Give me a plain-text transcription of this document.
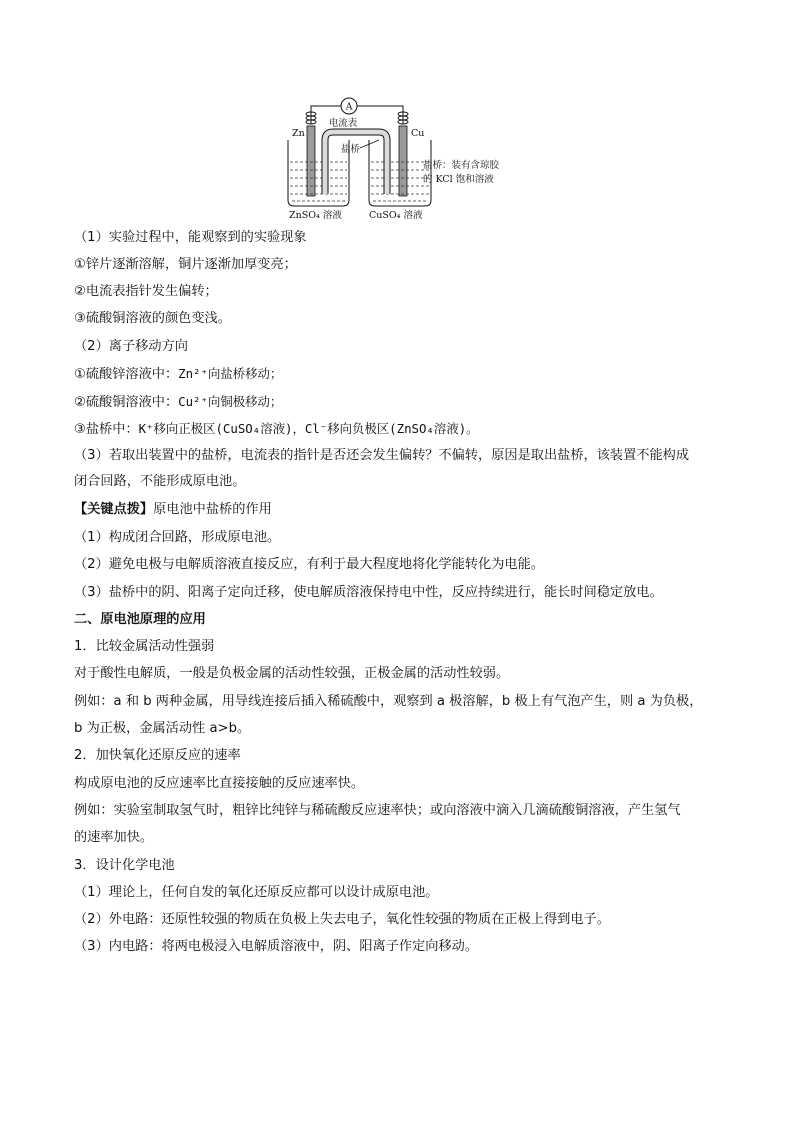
A
电流表
Zn	Cu
盐桥
盐桥：装有含琼胶
的 KCl 饱和溶液
ZnSO₄ 溶液	CuSO₄ 溶液
（1）实验过程中，能观察到的实验现象
①锌片逐渐溶解，铜片逐渐加厚变亮；
②电流表指针发生偏转；
③硫酸铜溶液的颜色变浅。
（2）离子移动方向
①硫酸锌溶液中：Zn²⁺向盐桥移动；
②硫酸铜溶液中：Cu²⁺向铜极移动；
③盐桥中：K⁺移向正极区(CuSO₄溶液)，Cl⁻移向负极区(ZnSO₄溶液)。
（3）若取出装置中的盐桥，电流表的指针是否还会发生偏转？不偏转，原因是取出盐桥，该装置不能构成
闭合回路，不能形成原电池。
【关键点拨】原电池中盐桥的作用
（1）构成闭合回路，形成原电池。
（2）避免电极与电解质溶液直接反应，有利于最大程度地将化学能转化为电能。
（3）盐桥中的阴、阳离子定向迁移，使电解质溶液保持电中性，反应持续进行，能长时间稳定放电。
二、原电池原理的应用
1．比较金属活动性强弱
对于酸性电解质，一般是负极金属的活动性较强，正极金属的活动性较弱。
例如：a 和 b 两种金属，用导线连接后插入稀硫酸中，观察到 a 极溶解，b 极上有气泡产生，则 a 为负极，
b 为正极，金属活动性 a>b。
2．加快氧化还原反应的速率
构成原电池的反应速率比直接接触的反应速率快。
例如：实验室制取氢气时，粗锌比纯锌与稀硫酸反应速率快；或向溶液中滴入几滴硫酸铜溶液，产生氢气
的速率加快。
3．设计化学电池
（1）理论上，任何自发的氧化还原反应都可以设计成原电池。
（2）外电路：还原性较强的物质在负极上失去电子，氧化性较强的物质在正极上得到电子。
（3）内电路：将两电极浸入电解质溶液中，阴、阳离子作定向移动。
